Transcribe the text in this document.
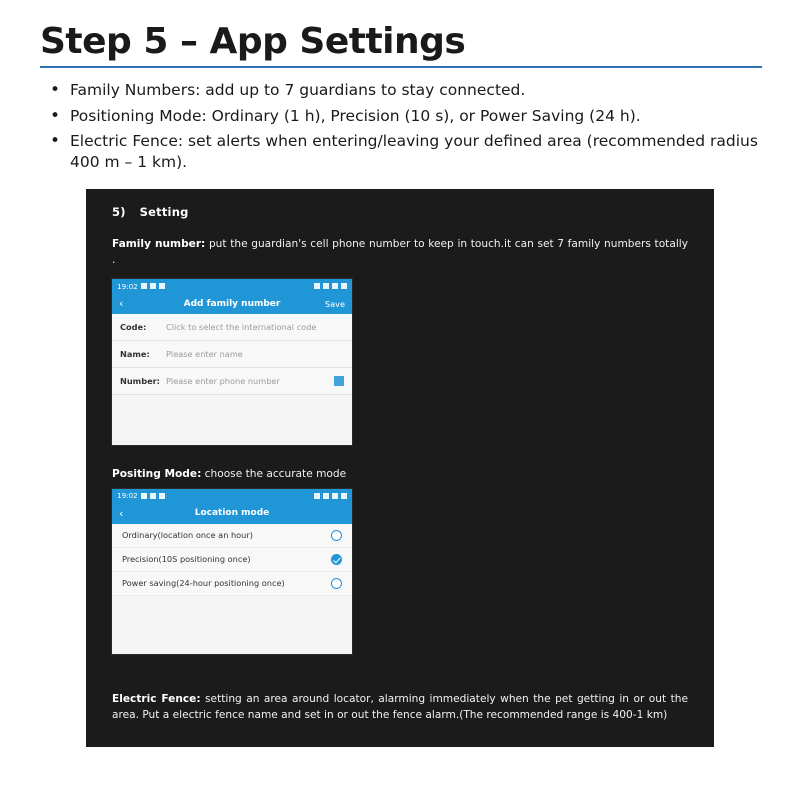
Step 5 – App Settings
• Family Numbers: add up to 7 guardians to stay connected.
• Positioning Mode: Ordinary (1 h), Precision (10 s), or Power Saving (24 h).
• Electric Fence: set alerts when entering/leaving your defined area (recommended radius 400 m – 1 km).
5) Setting

Family number: put the guardian's cell phone number to keep in touch.it can set 7 family numbers totally .

19:02
‹	Add family number	Save
Code:	Click to select the international code
Name:	Please enter name
Number: Please enter phone number

Positing Mode: choose the accurate mode

19:02
‹	Location mode
Ordinary(location once an hour)
Precision(10S positioning once)
Power saving(24-hour positioning once)

Electric Fence: setting an area around locator, alarming immediately when the pet getting in or out the area. Put a electric fence name and set in or out the fence alarm.(The recommended range is 400-1 km)
